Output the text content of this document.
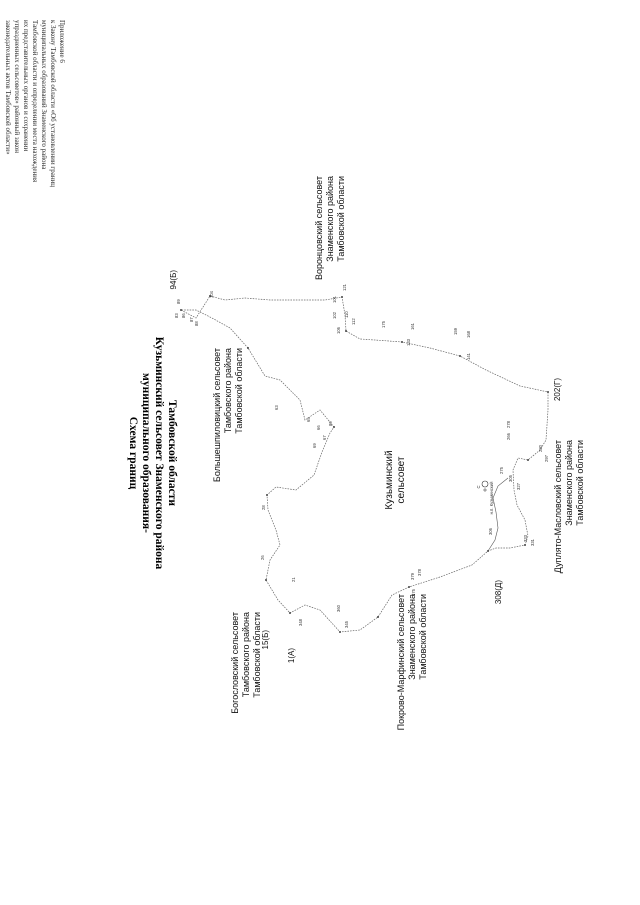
Приложение 6
к Закону Тамбовской области «Об установлении границ
муниципальных образований Знаменского района
Тамбовской области и определении места нахождения
их представительных органов и сохранении
упраздненных сельсоветов» районный закон
законодательных актов Тамбовской области»
Схема границ муниципального образования- Кузьминский сельсовет Знаменского района Тамбовской области
101
102
106
110
112
121
133
141
159
161
168
175
266
278
280
297
275
305
327
331
306
333
26
21
28
63
69
67
66
65
80
83 86
87
88
89
104
345
348
360
375
378
379
94(Б)
202(Г)
308(Д)
15(Б)
1(А)
Воронцовский сельсовет Знаменского района Тамбовской области
Большешпиловицкий сельсовет Тамбовского района Тамбовской области
Богословский сельсовет Тамбовского района Тамбовской области	Покрово-Марфинский сельсовет Знаменского района Тамбовской области
Дуплято-Масловский сельсовет Знаменского района Тамбовской области
Кузьминский сельсовет	С н.п. Кузьминский
